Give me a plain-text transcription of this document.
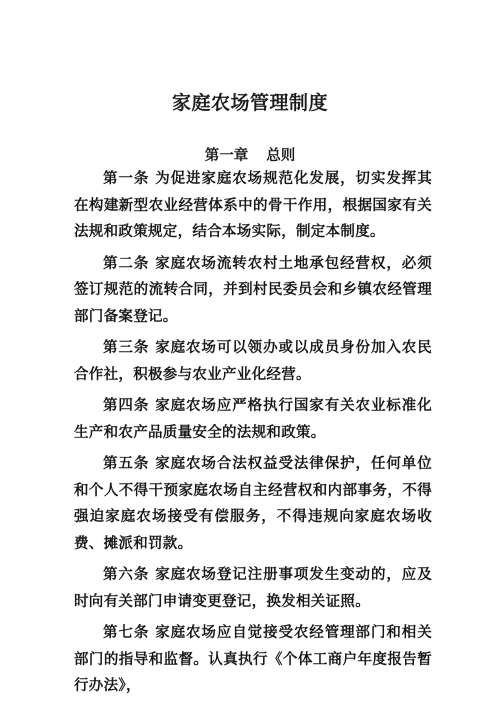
家庭农场管理制度
第一章 总则

第一条 为促进家庭农场规范化发展，切实发挥其在构建新型农业经营体系中的骨干作用，根据国家有关法规和政策规定，结合本场实际，制定本制度。

第二条 家庭农场流转农村土地承包经营权，必须签订规范的流转合同，并到村民委员会和乡镇农经管理部门备案登记。

第三条 家庭农场可以领办或以成员身份加入农民合作社，积极参与农业产业化经营。

第四条 家庭农场应严格执行国家有关农业标准化生产和农产品质量安全的法规和政策。

第五条 家庭农场合法权益受法律保护，任何单位和个人不得干预家庭农场自主经营权和内部事务，不得强迫家庭农场接受有偿服务，不得违规向家庭农场收费、摊派和罚款。

第六条 家庭农场登记注册事项发生变动的，应及时向有关部门申请变更登记，换发相关证照。

第七条 家庭农场应自觉接受农经管理部门和相关部门的指导和监督。认真执行《个体工商户年度报告暂行办法》，
